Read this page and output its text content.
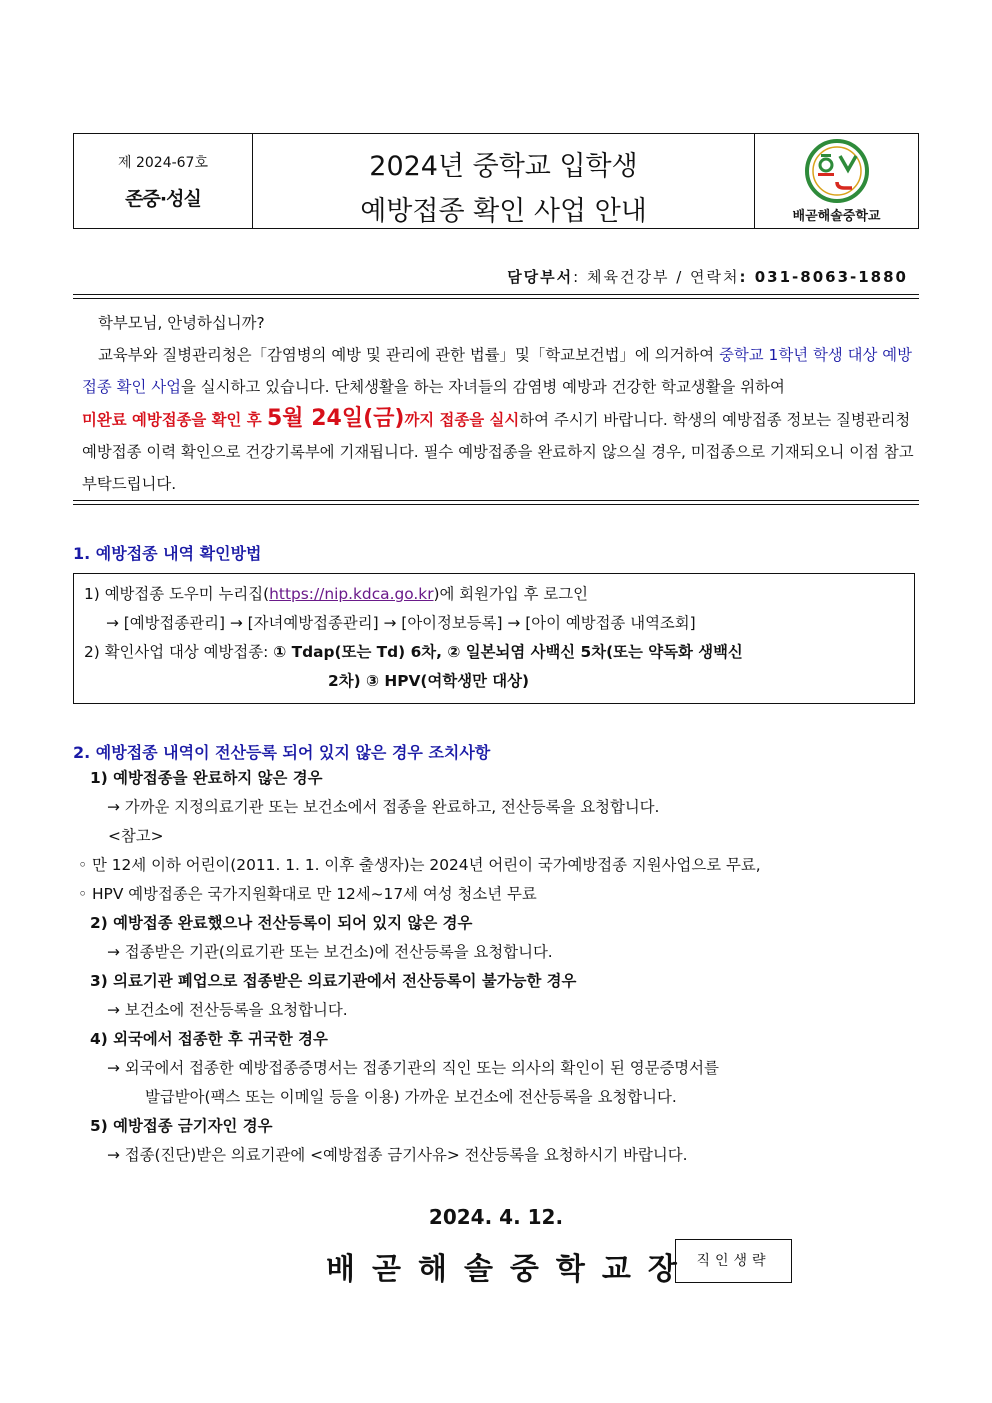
제 2024-67호
존중·성실
2024년 중학교 입학생
예방접종 확인 사업 안내	배곧해솔중학교
담당부서: 체육건강부 / 연락처: 031-8063-1880

학부모님, 안녕하십니까?

교육부와 질병관리청은「감염병의 예방 및 관리에 관한 법률」및「학교보건법」에 의거하여 중학교 1학년 학생 대상 예방접종 확인 사업을 실시하고 있습니다. 단체생활을 하는 자녀들의 감염병 예방과 건강한 학교생활을 위하여
미완료 예방접종을 확인 후 5월 24일(금)까지 접종을 실시하여 주시기 바랍니다. 학생의 예방접종 정보는 질병관리청 예방접종 이력 확인으로 건강기록부에 기재됩니다. 필수 예방접종을 완료하지 않으실 경우, 미접종으로 기재되오니 이점 참고 부탁드립니다.

1. 예방접종 내역 확인방법
1) 예방접종 도우미 누리집(https://nip.kdca.go.kr)에 회원가입 후 로그인
→ [예방접종관리] → [자녀예방접종관리] → [아이정보등록] → [아이 예방접종 내역조회]
2) 확인사업 대상 예방접종: ① Tdap(또는 Td) 6차, ② 일본뇌염 사백신 5차(또는 약독화 생백신
2차) ③ HPV(여학생만 대상)
2. 예방접종 내역이 전산등록 되어 있지 않은 경우 조치사항
1) 예방접종을 완료하지 않은 경우
→ 가까운 지정의료기관 또는 보건소에서 접종을 완료하고, 전산등록을 요청합니다.
<참고>
◦ 만 12세 이하 어린이(2011. 1. 1. 이후 출생자)는 2024년 어린이 국가예방접종 지원사업으로 무료,
◦ HPV 예방접종은 국가지원확대로 만 12세~17세 여성 청소년 무료
2) 예방접종 완료했으나 전산등록이 되어 있지 않은 경우
→ 접종받은 기관(의료기관 또는 보건소)에 전산등록을 요청합니다.
3) 의료기관 폐업으로 접종받은 의료기관에서 전산등록이 불가능한 경우
→ 보건소에 전산등록을 요청합니다.
4) 외국에서 접종한 후 귀국한 경우
→ 외국에서 접종한 예방접종증명서는 접종기관의 직인 또는 의사의 확인이 된 영문증명서를
발급받아(팩스 또는 이메일 등을 이용) 가까운 보건소에 전산등록을 요청합니다.
5) 예방접종 금기자인 경우
→ 접종(진단)받은 의료기관에 <예방접종 금기사유> 전산등록을 요청하시기 바랍니다.
2024. 4. 12.
배곧해솔중학교장 직인생략
